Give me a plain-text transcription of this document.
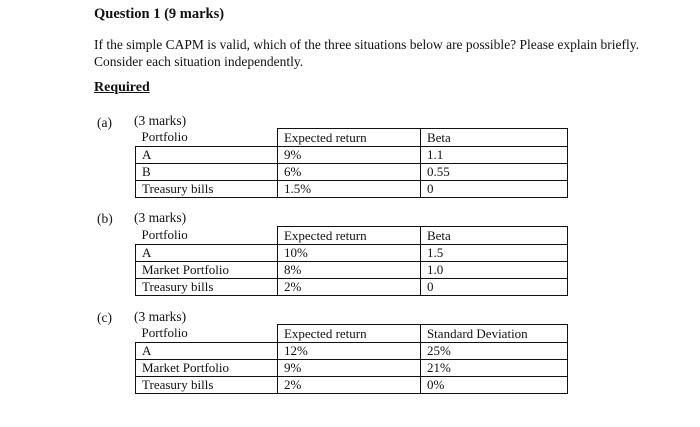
Question 1 (9 marks)
If the simple CAPM is valid, which of the three situations below are possible? Please explain briefly. Consider each situation independently.
Required
(a) (3 marks)
Portfolio	Expected return	Beta
A	9%	1.1
B	6%	0.55
Treasury bills	1.5%	0
(b) (3 marks)
Portfolio	Expected return	Beta
A	10%	1.5
Market Portfolio	8%	1.0
Treasury bills	2%	0
(c) (3 marks)
Portfolio	Expected return	Standard Deviation
A	12%	25%
Market Portfolio	9%	21%
Treasury bills	2%	0%
